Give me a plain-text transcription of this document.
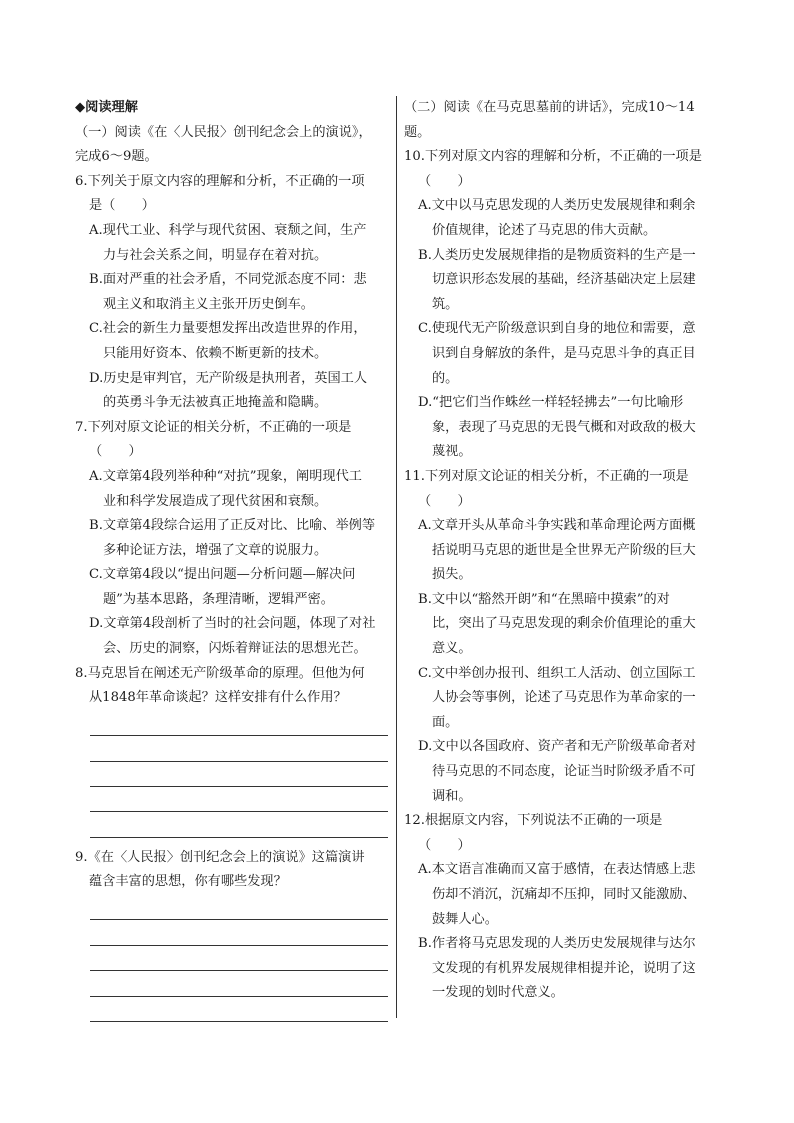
◆阅读理解
（一）阅读《在〈人民报〉创刊纪念会上的演说》，
完成6～9题。
6.下列关于原文内容的理解和分析，不正确的一项
是（　　）
A.现代工业、科学与现代贫困、衰颓之间，生产
力与社会关系之间，明显存在着对抗。
B.面对严重的社会矛盾，不同党派态度不同：悲
观主义和取消主义主张开历史倒车。
C.社会的新生力量要想发挥出改造世界的作用，
只能用好资本、依赖不断更新的技术。
D.历史是审判官，无产阶级是执刑者，英国工人
的英勇斗争无法被真正地掩盖和隐瞒。
7.下列对原文论证的相关分析，不正确的一项是
（　　）
A.文章第4段列举种种“对抗”现象，阐明现代工
业和科学发展造成了现代贫困和衰颓。
B.文章第4段综合运用了正反对比、比喻、举例等
多种论证方法，增强了文章的说服力。
C.文章第4段以“提出问题—分析问题—解决问
题”为基本思路，条理清晰，逻辑严密。
D.文章第4段剖析了当时的社会问题，体现了对社
会、历史的洞察，闪烁着辩证法的思想光芒。
8.马克思旨在阐述无产阶级革命的原理。但他为何
从1848年革命谈起？这样安排有什么作用？
9.《在〈人民报〉创刊纪念会上的演说》这篇演讲
蕴含丰富的思想，你有哪些发现？
（二）阅读《在马克思墓前的讲话》，完成10～14
题。
10.下列对原文内容的理解和分析，不正确的一项是
（　　）
A.文中以马克思发现的人类历史发展规律和剩余
价值规律，论述了马克思的伟大贡献。
B.人类历史发展规律指的是物质资料的生产是一
切意识形态发展的基础，经济基础决定上层建
筑。
C.使现代无产阶级意识到自身的地位和需要，意
识到自身解放的条件，是马克思斗争的真正目
的。
D.“把它们当作蛛丝一样轻轻拂去”一句比喻形
象，表现了马克思的无畏气概和对政敌的极大
蔑视。
11.下列对原文论证的相关分析，不正确的一项是
（　　）
A.文章开头从革命斗争实践和革命理论两方面概
括说明马克思的逝世是全世界无产阶级的巨大
损失。
B.文中以“豁然开朗”和“在黑暗中摸索”的对
比，突出了马克思发现的剩余价值理论的重大
意义。
C.文中举创办报刊、组织工人活动、创立国际工
人协会等事例，论述了马克思作为革命家的一
面。
D.文中以各国政府、资产者和无产阶级革命者对
待马克思的不同态度，论证当时阶级矛盾不可
调和。
12.根据原文内容，下列说法不正确的一项是
（　　）
A.本文语言准确而又富于感情，在表达情感上悲
伤却不消沉，沉痛却不压抑，同时又能激励、
鼓舞人心。
B.作者将马克思发现的人类历史发展规律与达尔
文发现的有机界发展规律相提并论，说明了这
一发现的划时代意义。
